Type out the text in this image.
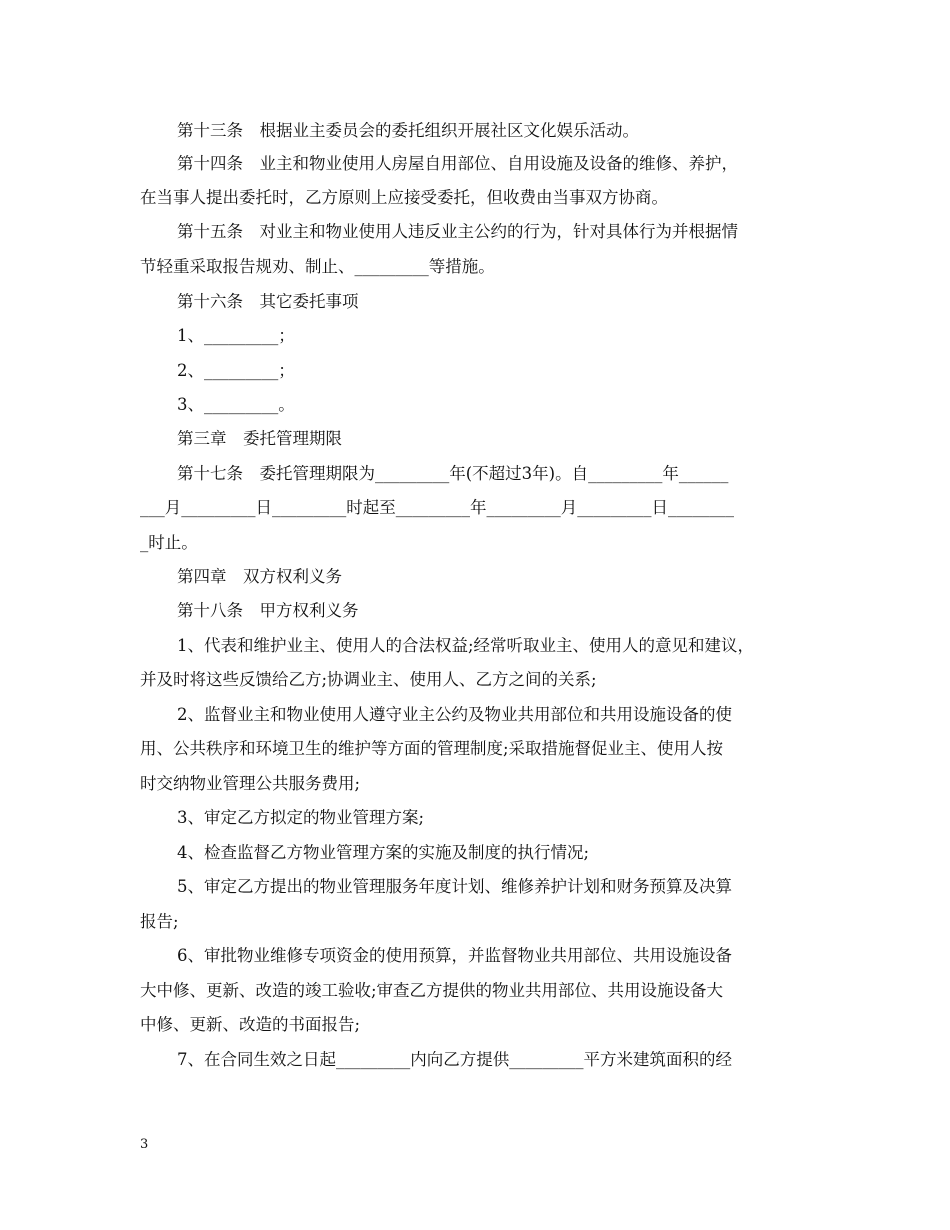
第十三条　根据业主委员会的委托组织开展社区文化娱乐活动。
第十四条　业主和物业使用人房屋自用部位、自用设施及设备的维修、养护，
在当事人提出委托时，乙方原则上应接受委托，但收费由当事双方协商。
第十五条　对业主和物业使用人违反业主公约的行为，针对具体行为并根据情
节轻重采取报告规劝、制止、_________等措施。
第十六条　其它委托事项
1、_________；
2、_________；
3、_________。
第三章　委托管理期限
第十七条　委托管理期限为_________年(不超过3年)。自_________年______
___月_________日_________时起至_________年_________月_________日________
_时止。
第四章　双方权利义务
第十八条　甲方权利义务
1、代表和维护业主、使用人的合法权益;经常听取业主、使用人的意见和建议，
并及时将这些反馈给乙方;协调业主、使用人、乙方之间的关系;
2、监督业主和物业使用人遵守业主公约及物业共用部位和共用设施设备的使
用、公共秩序和环境卫生的维护等方面的管理制度;采取措施督促业主、使用人按
时交纳物业管理公共服务费用;
3、审定乙方拟定的物业管理方案;
4、检查监督乙方物业管理方案的实施及制度的执行情况;
5、审定乙方提出的物业管理服务年度计划、维修养护计划和财务预算及决算
报告;
6、审批物业维修专项资金的使用预算，并监督物业共用部位、共用设施设备
大中修、更新、改造的竣工验收;审查乙方提供的物业共用部位、共用设施设备大
中修、更新、改造的书面报告;
7、在合同生效之日起_________内向乙方提供_________平方米建筑面积的经
3
